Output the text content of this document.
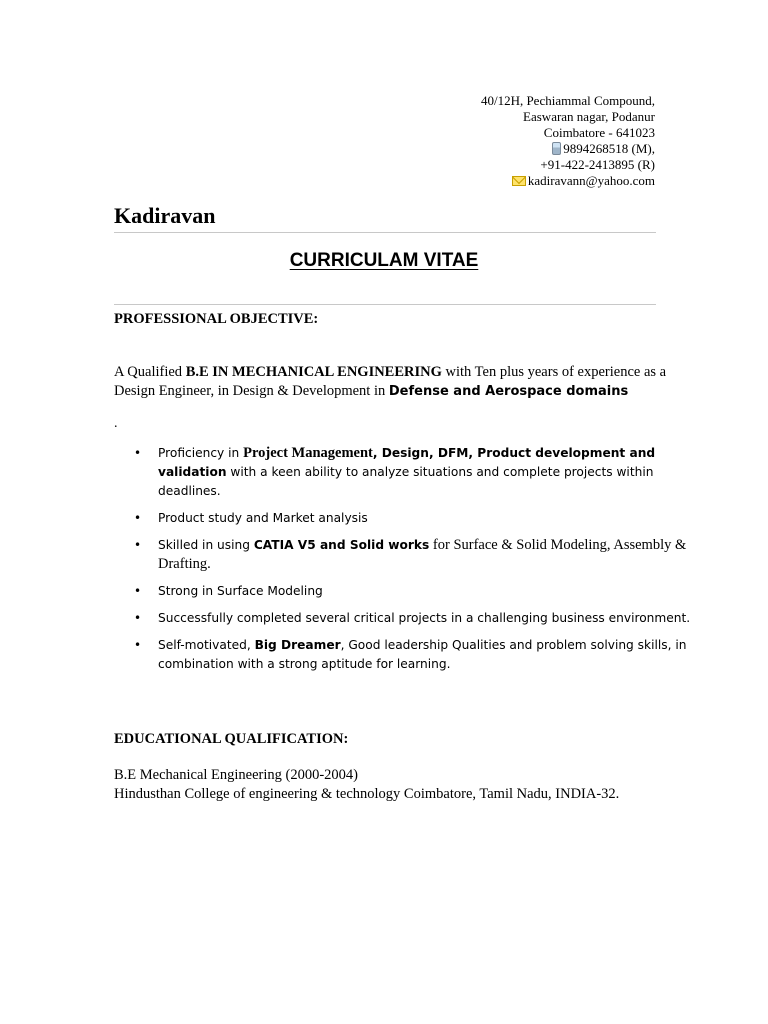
40/12H, Pechiammal Compound,
Easwaran nagar, Podanur
Coimbatore - 641023
9894268518 (M),
+91-422-2413895 (R)
kadiravann@yahoo.com
Kadiravan
CURRICULAM VITAE
PROFESSIONAL OBJECTIVE:
A Qualified B.E IN MECHANICAL ENGINEERING with Ten plus years of experience as a Design Engineer, in Design & Development in Defense and Aerospace domains
.
• Proficiency in Project Management, Design, DFM, Product development and validation with a keen ability to analyze situations and complete projects within deadlines.
• Product study and Market analysis
• Skilled in using CATIA V5 and Solid works for Surface & Solid Modeling, Assembly & Drafting.
• Strong in Surface Modeling
• Successfully completed several critical projects in a challenging business environment.
• Self-motivated, Big Dreamer, Good leadership Qualities and problem solving skills, in combination with a strong aptitude for learning.
EDUCATIONAL QUALIFICATION:
B.E Mechanical Engineering (2000-2004)
Hindusthan College of engineering & technology Coimbatore, Tamil Nadu, INDIA-32.
